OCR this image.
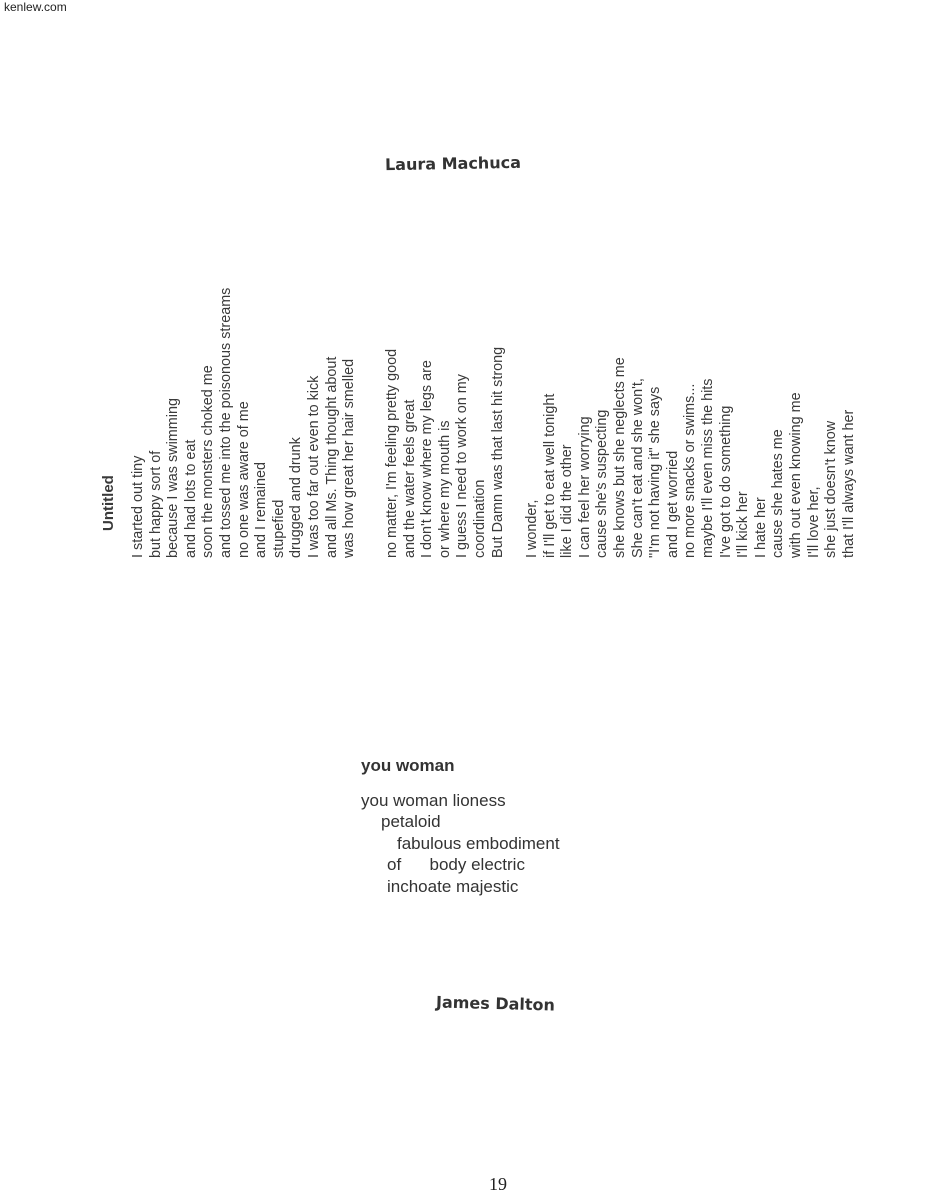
kenlew.com
Laura Machuca
Untitled I started out tiny but happy sort of because I was swimming and had lots to eat soon the monsters choked me and tossed me into the poisonous streams no one was aware of me and I remained stupefied drugged and drunk I was too far out even to kick and all Ms. Thing thought about was how great her hair smelled no matter, I'm feeling pretty good and the water feels great I don't know where my legs are or where my mouth is I guess I need to work on my coordination But Damn was that last hit strong I wonder, if I'll get to eat well tonight like I did the other I can feel her worrying cause she's suspecting she knows but she neglects me She can't eat and she won't, "I'm not having it" she says and I get worried no more snacks or swims... maybe I'll even miss the hits I've got to do something I'll kick her I hate her cause she hates me with out even knowing me I'll love her, she just doesn't know that I'll always want her
you woman
you woman lioness
petaloid
fabulous embodiment
of      body electric
inchoate majestic
James Dalton
19
